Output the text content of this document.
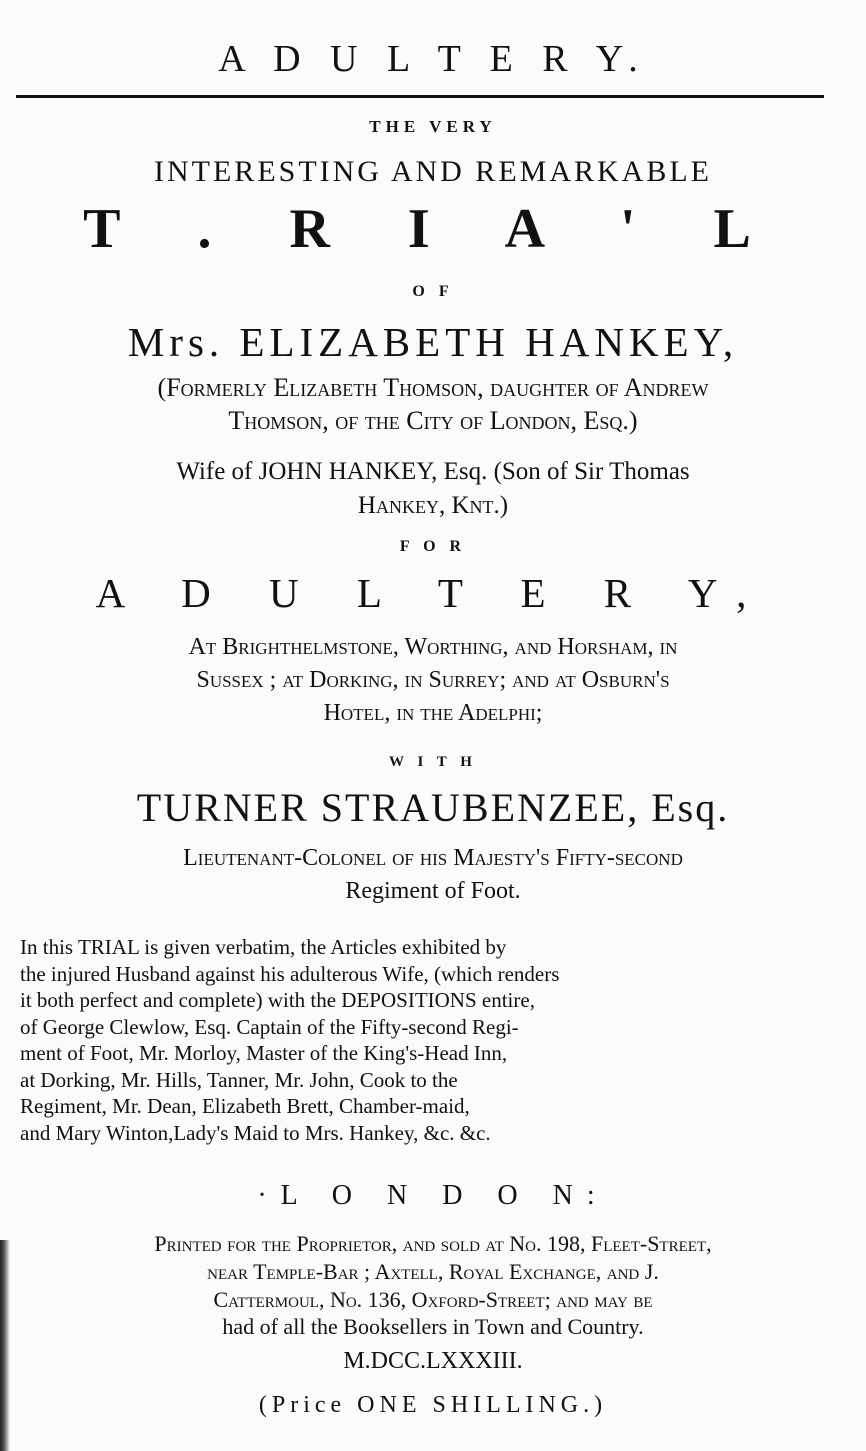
A D U L T E R Y.
THE VERY
INTERESTING AND REMARKABLE
T . R I A ' L
O F
Mrs. ELIZABETH HANKEY,
(Formerly Elizabeth Thomson, daughter of Andrew
Thomson, of the City of London, Esq.)
Wife of JOHN HANKEY, Esq. (Son of Sir Thomas
Hankey, Knt.)
F O R
A D U L T E R Y,
At Brighthelmstone, Worthing, and Horsham, in
Sussex ; at Dorking, in Surrey; and at Osburn's
Hotel, in the Adelphi;
W I T H
TURNER STRAUBENZEE, Esq.
Lieutenant-Colonel of his Majesty's Fifty-second
Regiment of Foot.

In this TRIAL is given verbatim, the Articles exhibited by

the injured Husband against his adulterous Wife, (which renders

it both perfect and complete) with the DEPOSITIONS entire,

of George Clewlow, Esq. Captain of the Fifty-second Regi-

ment of Foot, Mr. Morloy, Master of the King's-Head Inn,

at Dorking, Mr. Hills, Tanner, Mr. John, Cook to the

Regiment, Mr. Dean, Elizabeth Brett, Chamber-maid,

and Mary Winton,Lady's Maid to Mrs. Hankey, &c. &c.

·L O N D O N:
Printed for the Proprietor, and sold at No. 198, Fleet-Street,
near Temple-Bar ; Axtell, Royal Exchange, and J.
Cattermoul, No. 136, Oxford-Street; and may be
had of all the Booksellers in Town and Country.
M.DCC.LXXXIII.
(Price ONE SHILLING.)
